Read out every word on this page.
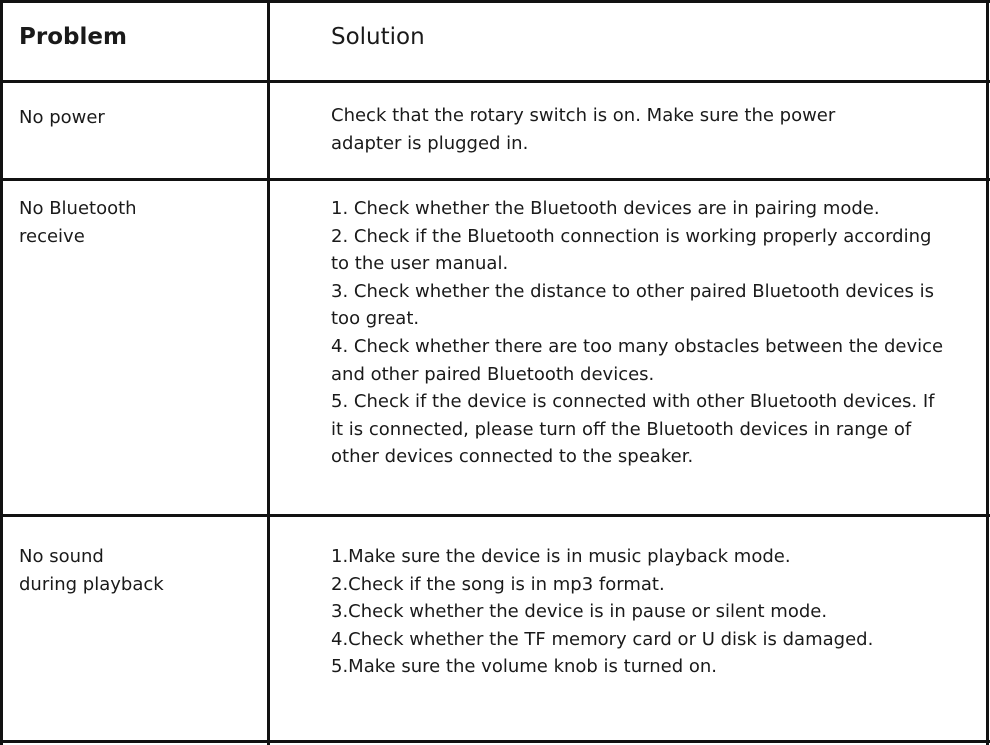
Problem	Solution
No power	Check that the rotary switch is on. Make sure the power
adapter is plugged in.
No Bluetooth
receive
1. Check whether the Bluetooth devices are in pairing mode.
2. Check if the Bluetooth connection is working properly according
to the user manual.
3. Check whether the distance to other paired Bluetooth devices is
too great.
4. Check whether there are too many obstacles between the device
and other paired Bluetooth devices.
5. Check if the device is connected with other Bluetooth devices. If
it is connected, please turn off the Bluetooth devices in range of
other devices connected to the speaker.
No sound
during playback
1.Make sure the device is in music playback mode.
2.Check if the song is in mp3 format.
3.Check whether the device is in pause or silent mode.
4.Check whether the TF memory card or U disk is damaged.
5.Make sure the volume knob is turned on.
